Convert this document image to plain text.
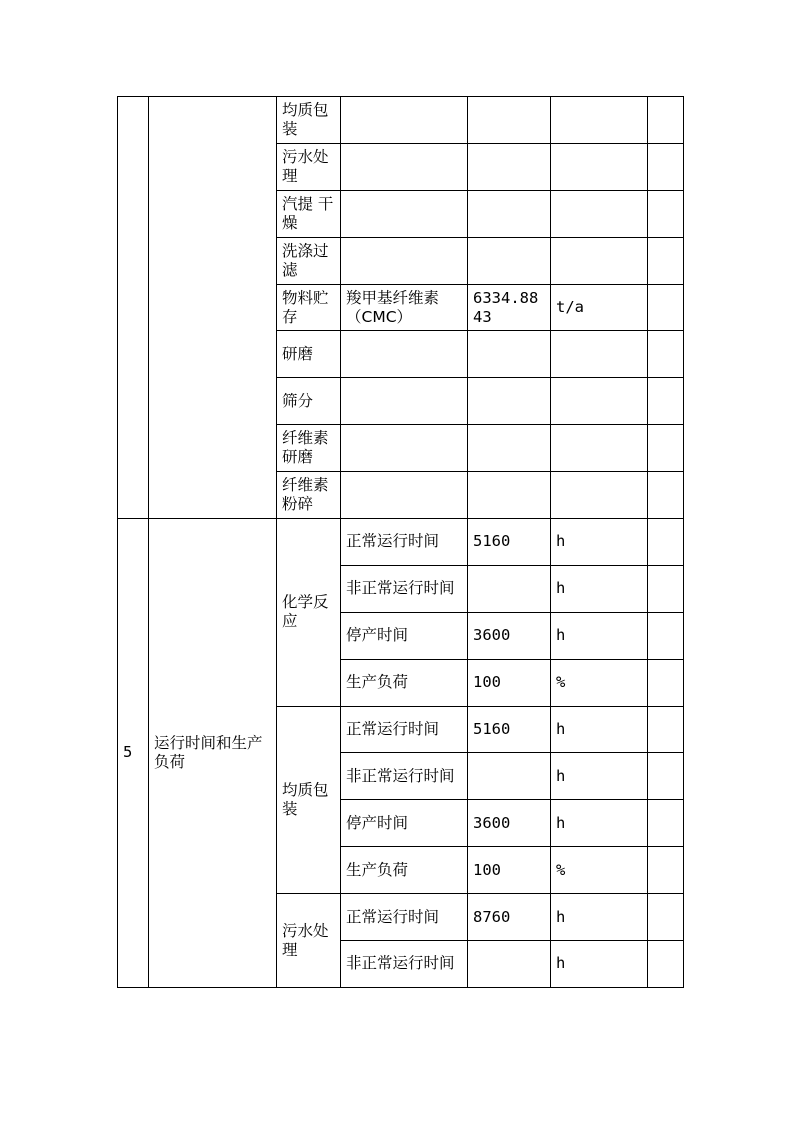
		均质包装				
		污水处理				
		汽提 干燥				
		洗涤过滤				
		物料贮存	羧甲基纤维素（CMC）	6334.8843	t/a	
		研磨				
		筛分				
		纤维素研磨				
		纤维素粉碎				
5	运行时间和生产负荷	化学反应	正常运行时间	5160	h	
			非正常运行时间		h	
			停产时间	3600	h	
			生产负荷	100	%	
		均质包装	正常运行时间	5160	h	
			非正常运行时间		h	
			停产时间	3600	h	
			生产负荷	100	%	
		污水处理	正常运行时间	8760	h	
			非正常运行时间		h	
